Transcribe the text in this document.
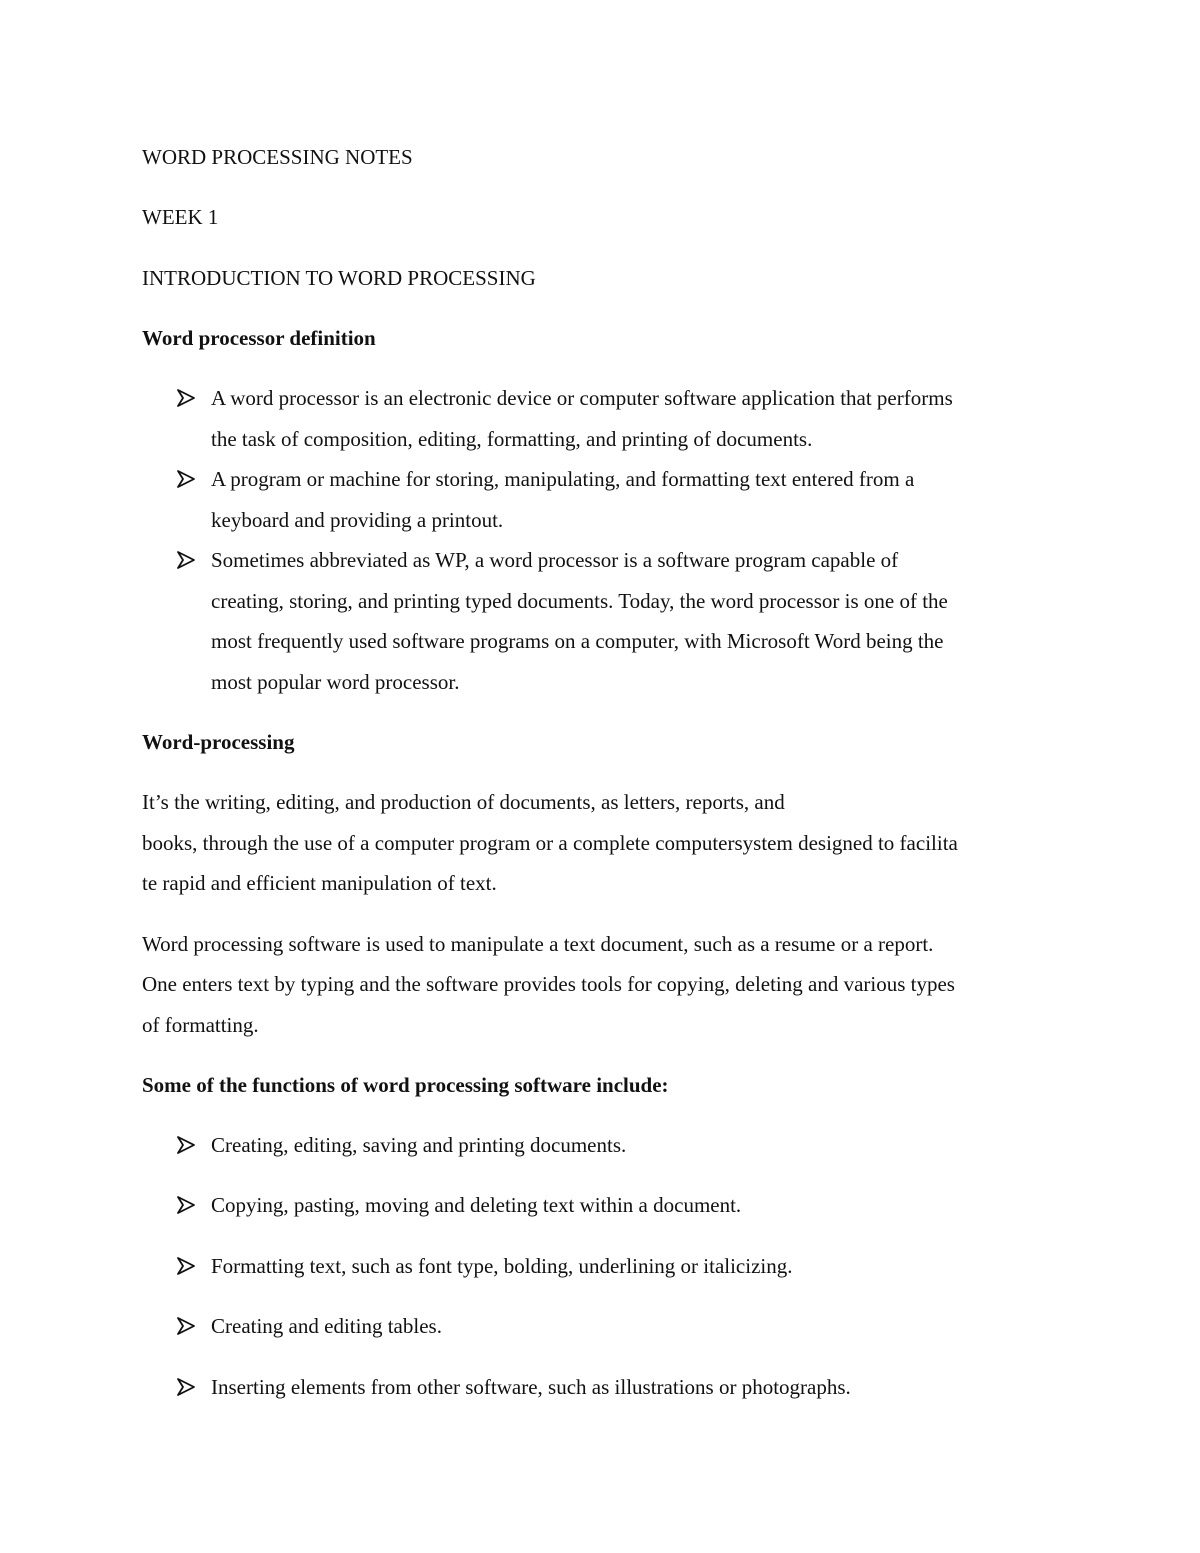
WORD PROCESSING NOTES
WEEK 1
INTRODUCTION TO WORD PROCESSING
Word processor definition
A word processor is an electronic device or computer software application that performs
the task of composition, editing, formatting, and printing of documents.
A program or machine for storing, manipulating, and formatting text entered from a
keyboard and providing a printout.
Sometimes abbreviated as WP, a word processor is a software program capable of
creating, storing, and printing typed documents. Today, the word processor is one of the
most frequently used software programs on a computer, with Microsoft Word being the
most popular word processor.
Word-processing
It’s the writing, editing, and production of documents, as letters, reports, and
books, through the use of a computer program or a complete computersystem designed to facilita
te rapid and efficient manipulation of text.
Word processing software is used to manipulate a text document, such as a resume or a report.
One enters text by typing and the software provides tools for copying, deleting and various types
of formatting.
Some of the functions of word processing software include:
Creating, editing, saving and printing documents.
Copying, pasting, moving and deleting text within a document.
Formatting text, such as font type, bolding, underlining or italicizing.
Creating and editing tables.
Inserting elements from other software, such as illustrations or photographs.
